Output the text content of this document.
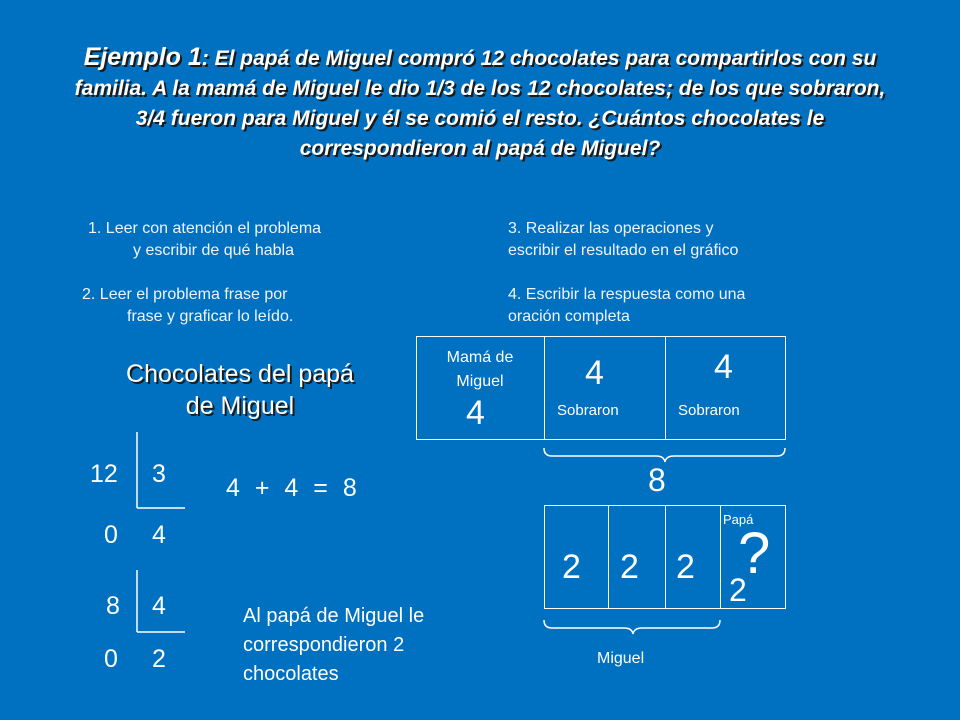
Ejemplo 1: El papá de Miguel compró 12 chocolates para compartirlos con su familia. A la mamá de Miguel le dio 1/3 de los 12 chocolates; de los que sobraron, 3/4 fueron para Miguel y él se comió el resto. ¿Cuántos chocolates le correspondieron al papá de Miguel?
1. Leer con atención el problema
y escribir de qué habla
2. Leer el problema frase por
frase y graficar lo leído.
3. Realizar las operaciones y
escribir el resultado en el gráfico
4. Escribir la respuesta como una
oración completa
Chocolates del papá
de Miguel
12 3
0 4
8 4
0 2
4 + 4 = 8
Al papá de Miguel le
correspondieron 2
chocolates
Mamá de
Miguel
4
4
Sobraron
4
Sobraron
8
2 2 2
Papá
?
2
Miguel
